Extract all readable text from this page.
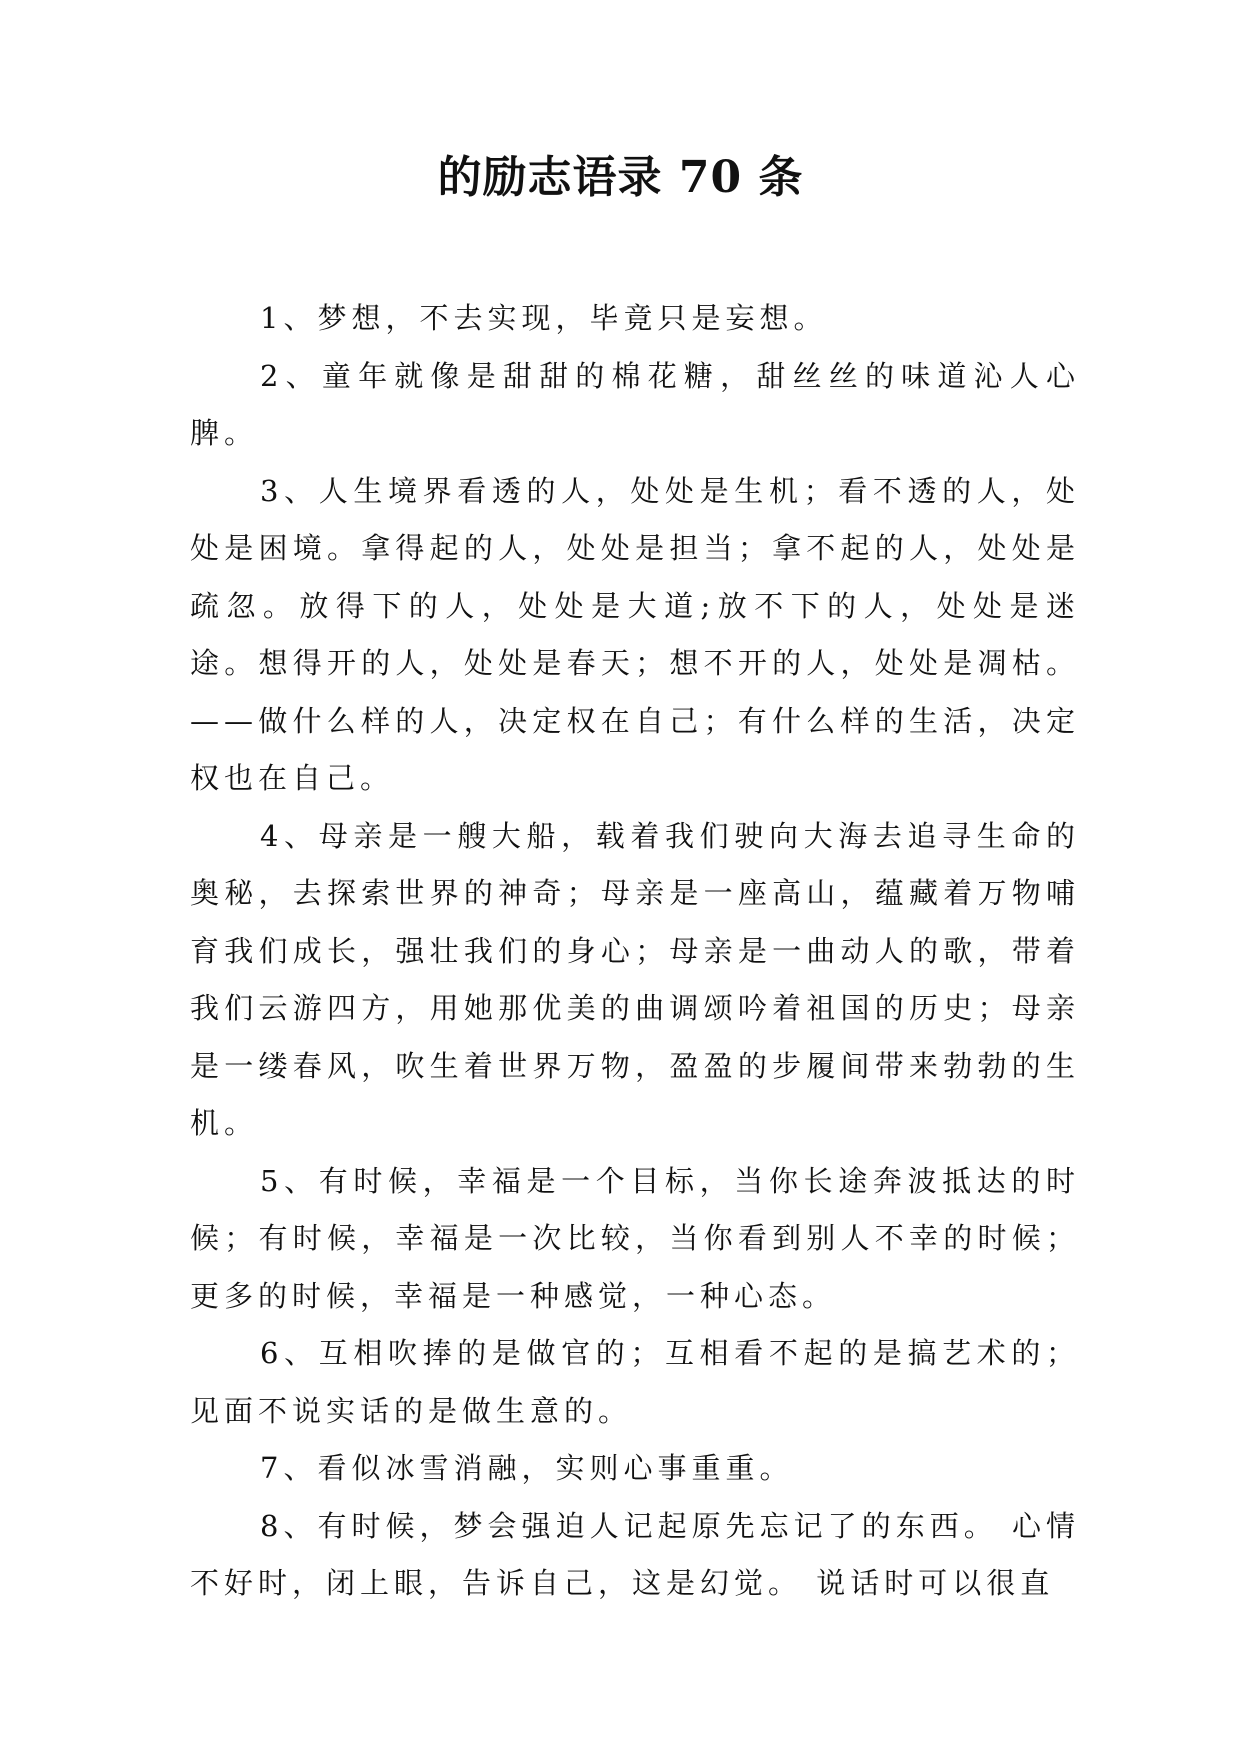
的励志语录 70 条

1、梦想，不去实现，毕竟只是妄想。

2、童年就像是甜甜的棉花糖，甜丝丝的味道沁人心脾。

3、人生境界看透的人，处处是生机；看不透的人，处处是困境。拿得起的人，处处是担当；拿不起的人，处处是疏忽。放得下的人，处处是大道;放不下的人，处处是迷途。想得开的人，处处是春天；想不开的人，处处是凋枯。——做什么样的人，决定权在自己；有什么样的生活，决定权也在自己。

4、母亲是一艘大船，载着我们驶向大海去追寻生命的奥秘，去探索世界的神奇；母亲是一座高山，蕴藏着万物哺育我们成长，强壮我们的身心；母亲是一曲动人的歌，带着我们云游四方，用她那优美的曲调颂吟着祖国的历史；母亲是一缕春风，吹生着世界万物，盈盈的步履间带来勃勃的生机。

5、有时候，幸福是一个目标，当你长途奔波抵达的时候；有时候，幸福是一次比较，当你看到别人不幸的时候；更多的时候，幸福是一种感觉，一种心态。

6、互相吹捧的是做官的；互相看不起的是搞艺术的；见面不说实话的是做生意的。

7、看似冰雪消融，实则心事重重。

8、有时候，梦会强迫人记起原先忘记了的东西。 心情不好时，闭上眼，告诉自己，这是幻觉。 说话时可以很直
